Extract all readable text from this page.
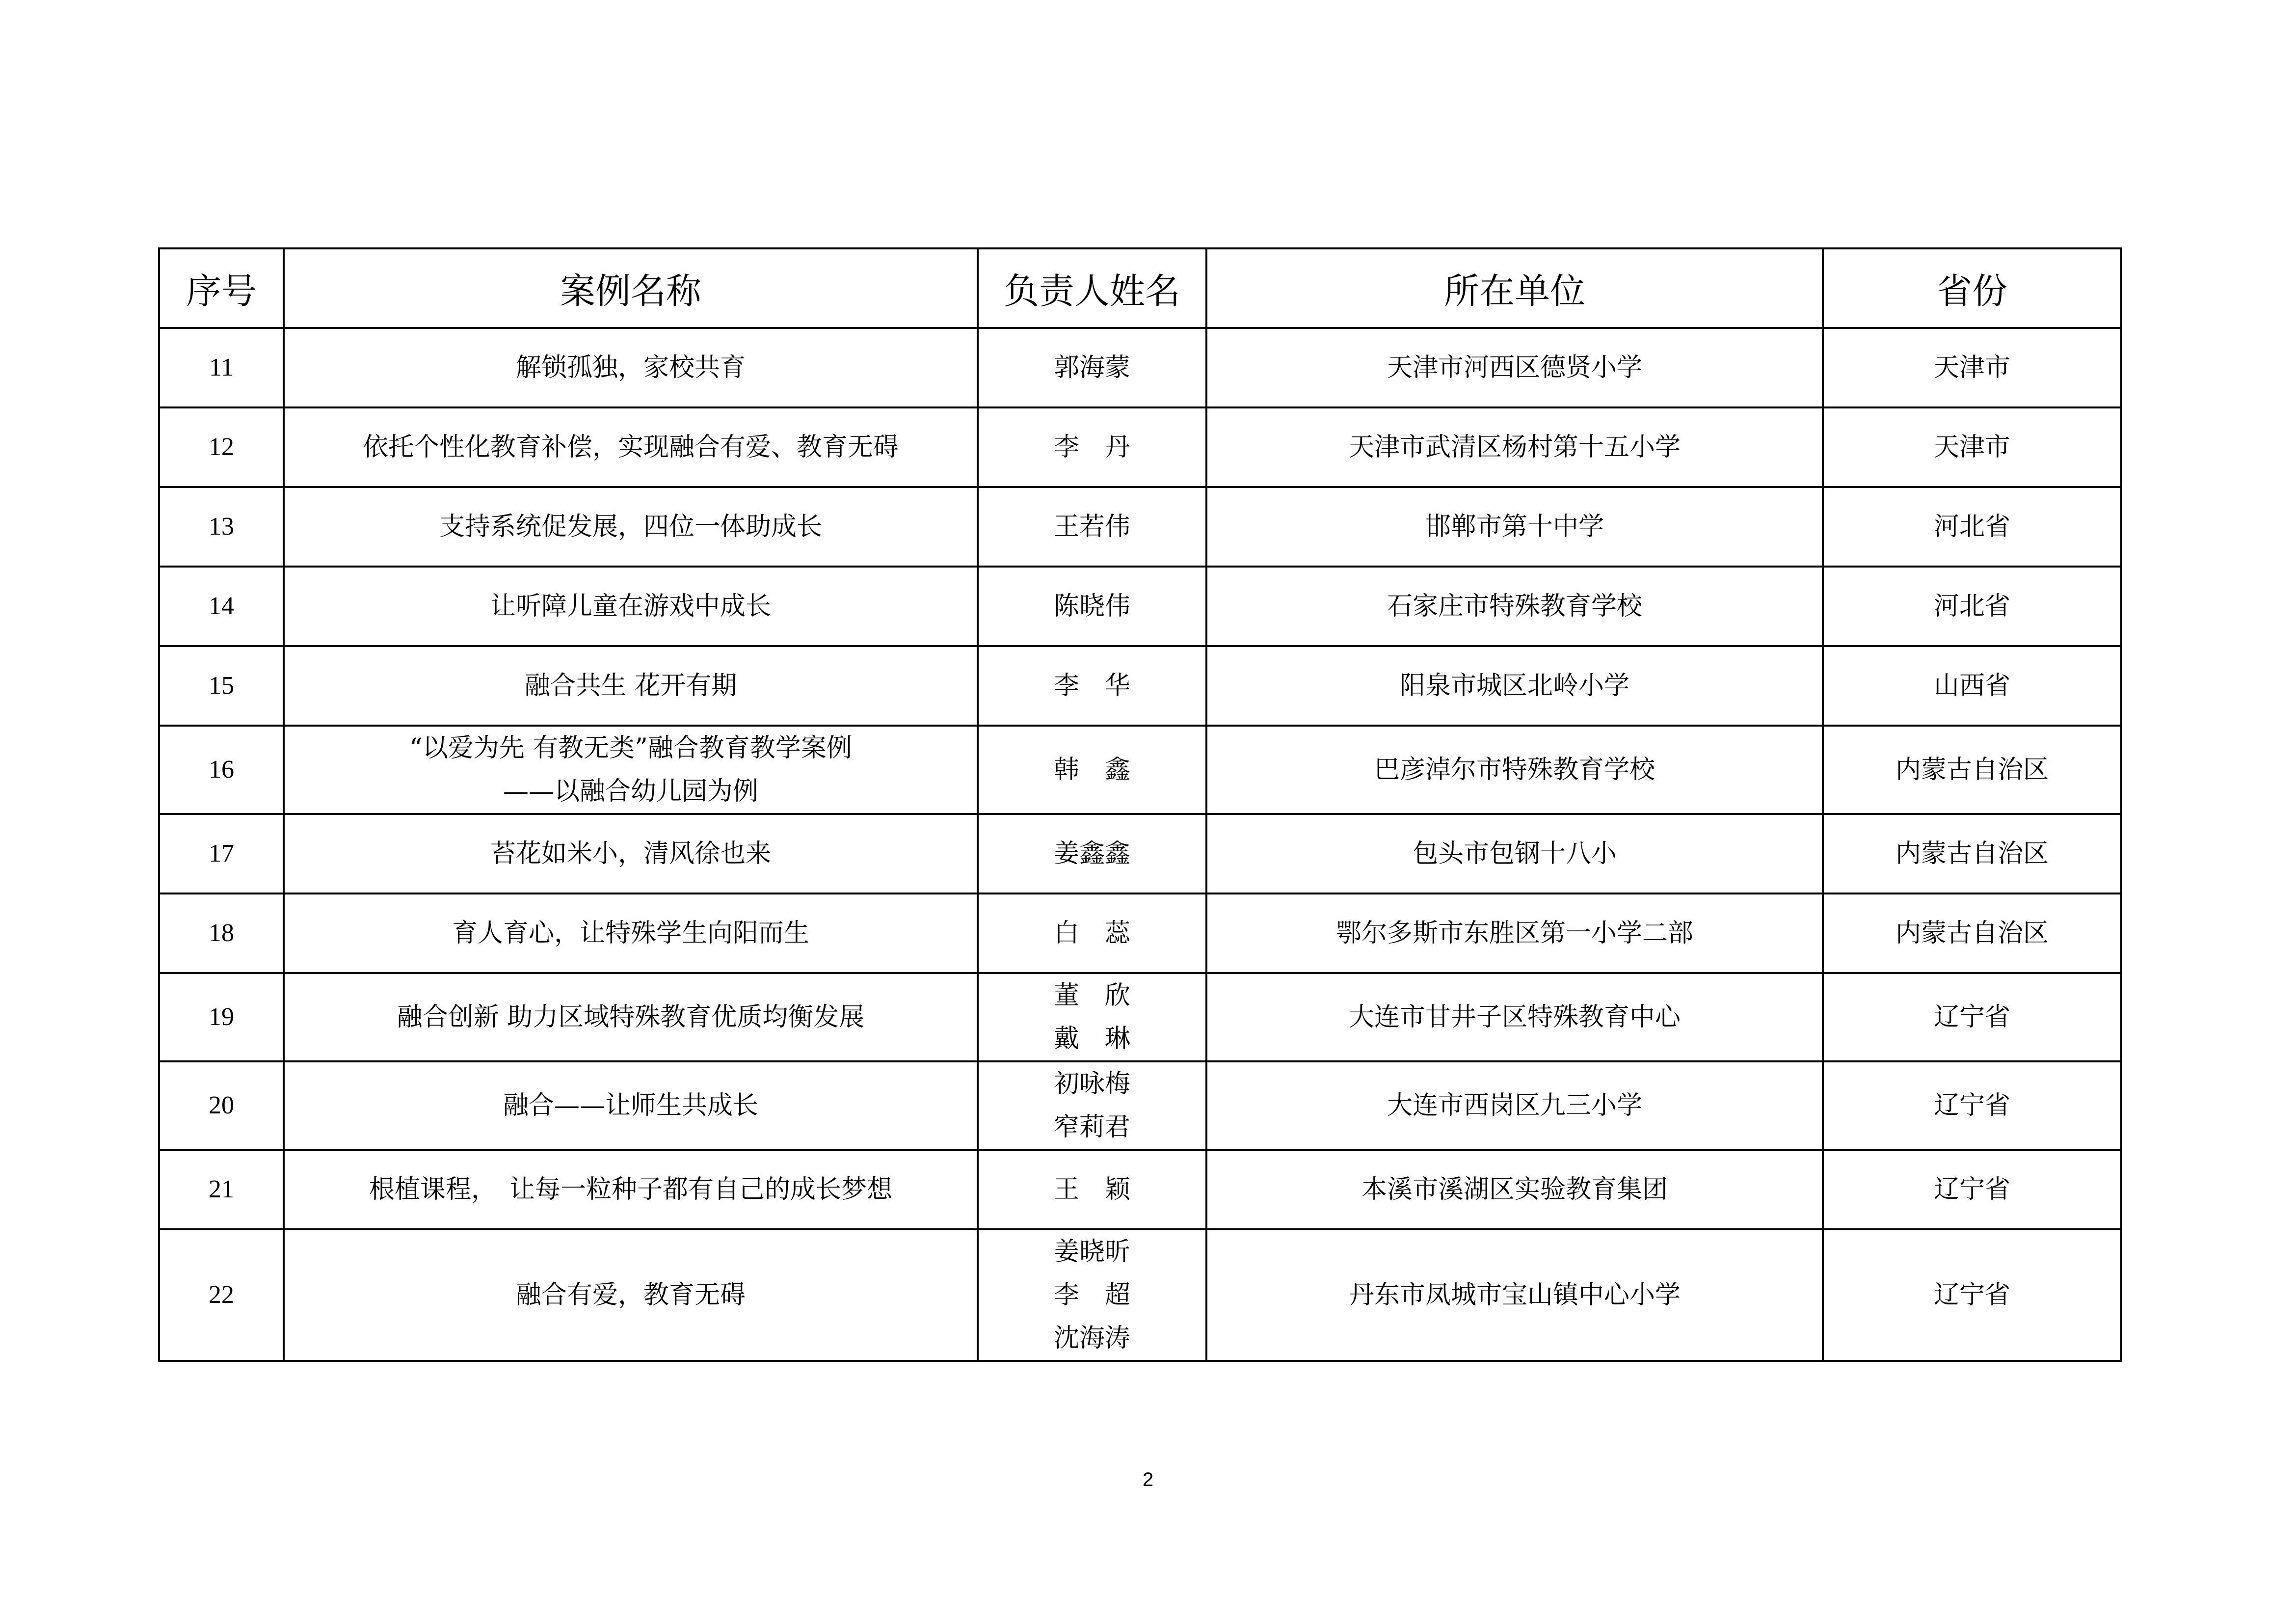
序号	案例名称	负责人姓名	所在单位	省份
11	解锁孤独，家校共育	郭海蒙	天津市河西区德贤小学	天津市
12	依托个性化教育补偿，实现融合有爱、教育无碍	李　丹	天津市武清区杨村第十五小学	天津市
13	支持系统促发展，四位一体助成长	王若伟	邯郸市第十中学	河北省
14	让听障儿童在游戏中成长	陈晓伟	石家庄市特殊教育学校	河北省
15	融合共生 花开有期	李　华	阳泉市城区北岭小学	山西省
16	“以爱为先 有教无类”融合教育教学案例
——以融合幼儿园为例	韩　鑫	巴彦淖尔市特殊教育学校	内蒙古自治区
17	苔花如米小，清风徐也来	姜鑫鑫	包头市包钢十八小	内蒙古自治区
18	育人育心，让特殊学生向阳而生	白　蕊	鄂尔多斯市东胜区第一小学二部	内蒙古自治区
19	融合创新 助力区域特殊教育优质均衡发展	董　欣
戴　琳	大连市甘井子区特殊教育中心	辽宁省
20	融合——让师生共成长	初咏梅
窄莉君	大连市西岗区九三小学	辽宁省
21	根植课程，　让每一粒种子都有自己的成长梦想	王　颖	本溪市溪湖区实验教育集团	辽宁省
22	融合有爱，教育无碍	姜晓昕
李　超
沈海涛	丹东市凤城市宝山镇中心小学	辽宁省
2
